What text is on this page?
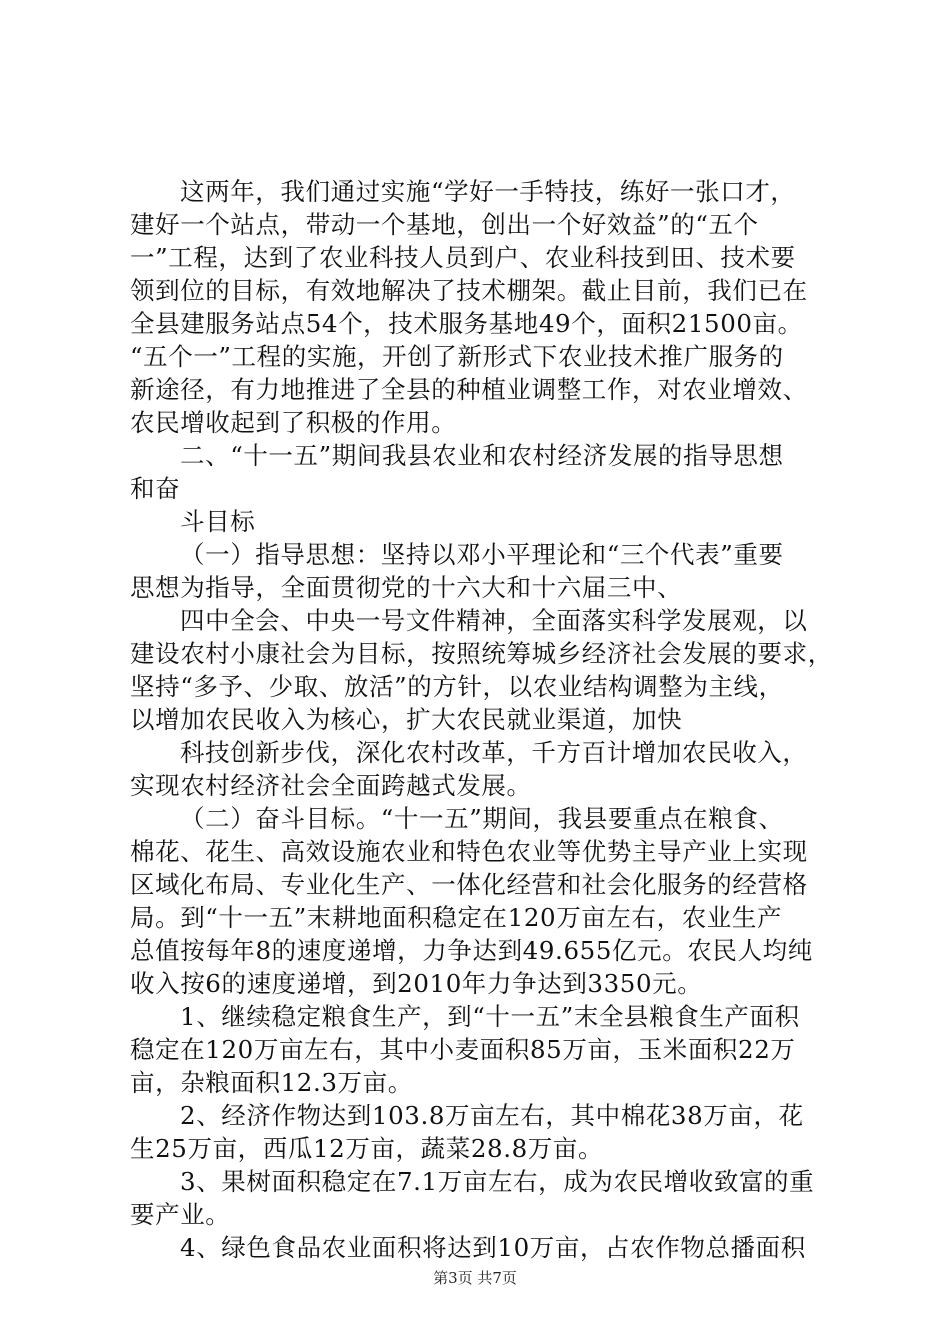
这两年，我们通过实施“学好一手特技，练好一张口才，
建好一个站点，带动一个基地，创出一个好效益”的“五个
一”工程，达到了农业科技人员到户、农业科技到田、技术要
领到位的目标，有效地解决了技术棚架。截止目前，我们已在
全县建服务站点54个，技术服务基地49个，面积21500亩。
“五个一”工程的实施，开创了新形式下农业技术推广服务的
新途径，有力地推进了全县的种植业调整工作，对农业增效、
农民增收起到了积极的作用。
二、“十一五”期间我县农业和农村经济发展的指导思想
和奋
斗目标
（一）指导思想：坚持以邓小平理论和“三个代表”重要
思想为指导，全面贯彻党的十六大和十六届三中、
四中全会、中央一号文件精神，全面落实科学发展观，以
建设农村小康社会为目标，按照统筹城乡经济社会发展的要求，
坚持“多予、少取、放活”的方针，以农业结构调整为主线，
以增加农民收入为核心，扩大农民就业渠道，加快
科技创新步伐，深化农村改革，千方百计增加农民收入，
实现农村经济社会全面跨越式发展。
（二）奋斗目标。“十一五”期间，我县要重点在粮食、
棉花、花生、高效设施农业和特色农业等优势主导产业上实现
区域化布局、专业化生产、一体化经营和社会化服务的经营格
局。到“十一五”末耕地面积稳定在120万亩左右，农业生产
总值按每年8的速度递增，力争达到49.655亿元。农民人均纯
收入按6的速度递增，到2010年力争达到3350元。
1、继续稳定粮食生产，到“十一五”末全县粮食生产面积
稳定在120万亩左右，其中小麦面积85万亩，玉米面积22万
亩，杂粮面积12.3万亩。
2、经济作物达到103.8万亩左右，其中棉花38万亩，花
生25万亩，西瓜12万亩，蔬菜28.8万亩。
3、果树面积稳定在7.1万亩左右，成为农民增收致富的重
要产业。
4、绿色食品农业面积将达到10万亩，占农作物总播面积
第3页 共7页
